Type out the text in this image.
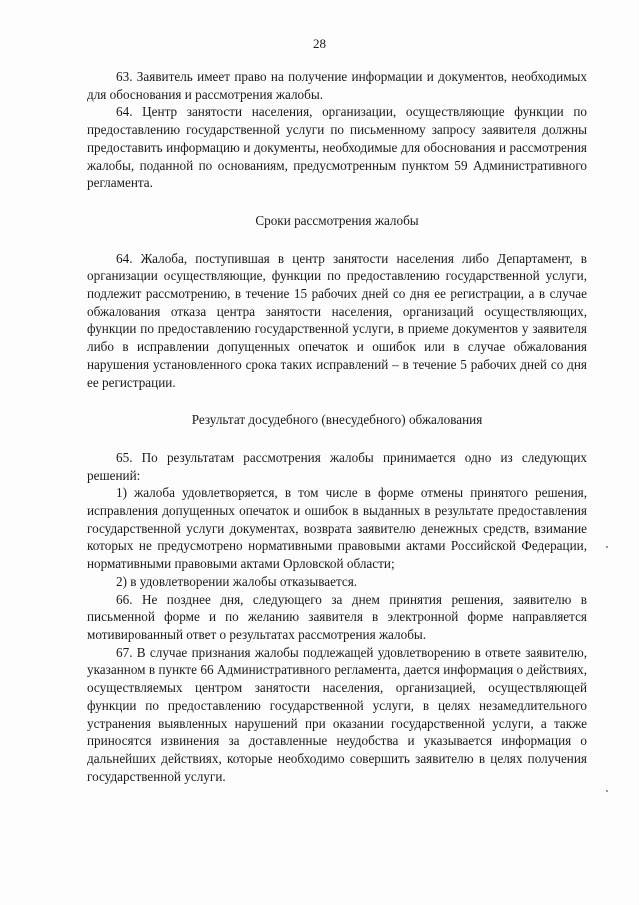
28

63. Заявитель имеет право на получение информации и документов, необходимых для обоснования и рассмотрения жалобы.

64. Центр занятости населения, организации, осуществляющие функции по предоставлению государственной услуги по письменному запросу заявителя должны предоставить информацию и документы, необходимые для обоснования и рассмотрения жалобы, поданной по основаниям, предусмотренным пунктом 59 Административного регламента.

Сроки рассмотрения жалобы

64. Жалоба, поступившая в центр занятости населения либо Департамент, в организации осуществляющие, функции по предоставлению государственной услуги, подлежит рассмотрению, в течение 15 рабочих дней со дня ее регистрации, а в случае обжалования отказа центра занятости населения, организаций осуществляющих, функции по предоставлению государственной услуги, в приеме документов у заявителя либо в исправлении допущенных опечаток и ошибок или в случае обжалования нарушения установленного срока таких исправлений – в течение 5 рабочих дней со дня ее регистрации.

Результат досудебного (внесудебного) обжалования

65. По результатам рассмотрения жалобы принимается одно из следующих решений:

1) жалоба удовлетворяется, в том числе в форме отмены принятого решения, исправления допущенных опечаток и ошибок в выданных в результате предоставления государственной услуги документах, возврата заявителю денежных средств, взимание которых не предусмотрено нормативными правовыми актами Российской Федерации, нормативными правовыми актами Орловской области;

2) в удовлетворении жалобы отказывается.

66. Не позднее дня, следующего за днем принятия решения, заявителю в письменной форме и по желанию заявителя в электронной форме направляется мотивированный ответ о результатах рассмотрения жалобы.

67. В случае признания жалобы подлежащей удовлетворению в ответе заявителю, указанном в пункте 66 Административного регламента, дается информация о действиях, осуществляемых центром занятости населения, организацией, осуществляющей функции по предоставлению государственной услуги, в целях незамедлительного устранения выявленных нарушений при оказании государственной услуги, а также приносятся извинения за доставленные неудобства и указывается информация о дальнейших действиях, которые необходимо совершить заявителю в целях получения государственной услуги.
